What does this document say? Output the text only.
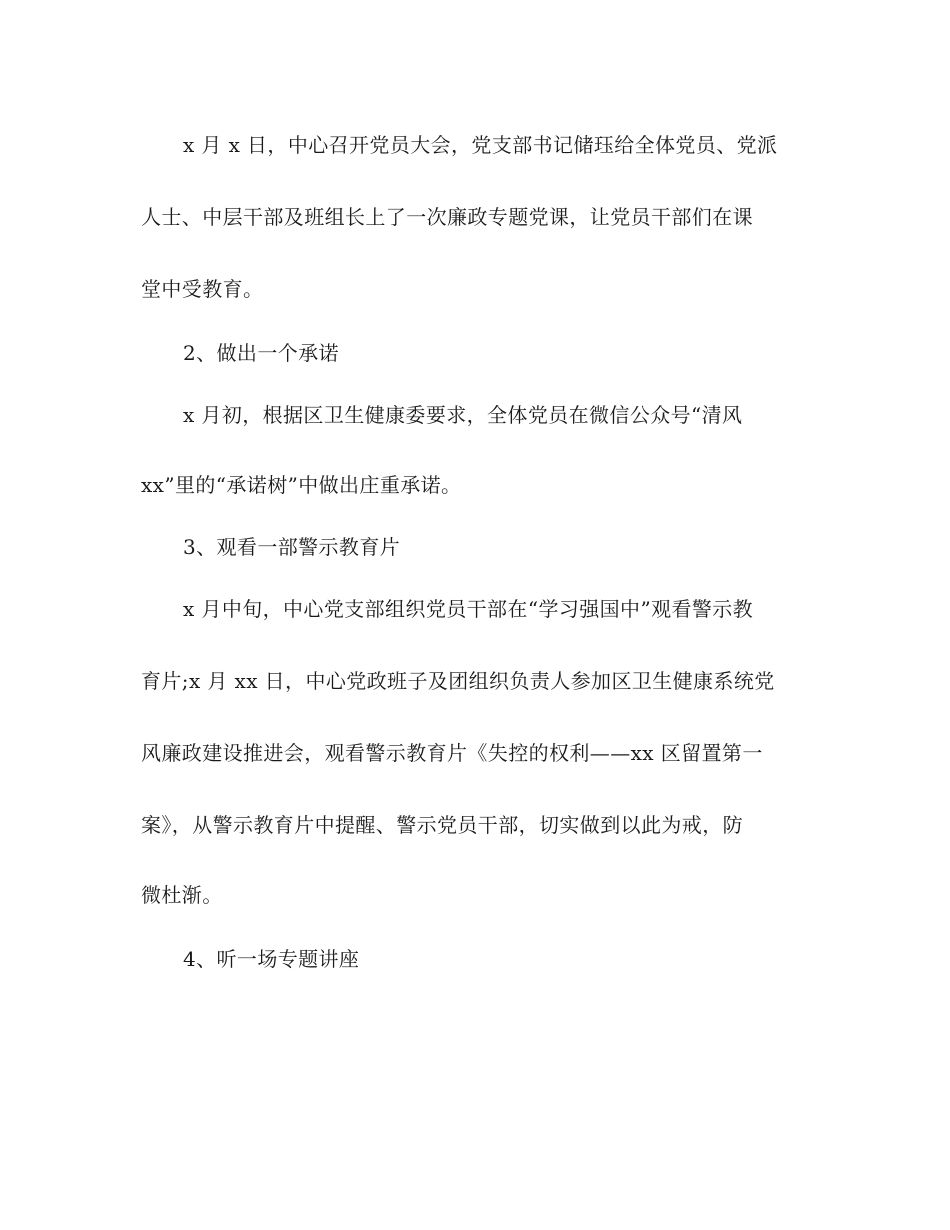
x 月 x 日，中心召开党员大会，党支部书记储珏给全体党员、党派
人士、中层干部及班组长上了一次廉政专题党课，让党员干部们在课
堂中受教育。
2、做出一个承诺
x 月初，根据区卫生健康委要求，全体党员在微信公众号“清风
xx”里的“承诺树”中做出庄重承诺。
3、观看一部警示教育片
x 月中旬，中心党支部组织党员干部在“学习强国中”观看警示教
育片;x 月 xx 日，中心党政班子及团组织负责人参加区卫生健康系统党
风廉政建设推进会，观看警示教育片《失控的权利——xx 区留置第一
案》，从警示教育片中提醒、警示党员干部，切实做到以此为戒，防
微杜渐。
4、听一场专题讲座
